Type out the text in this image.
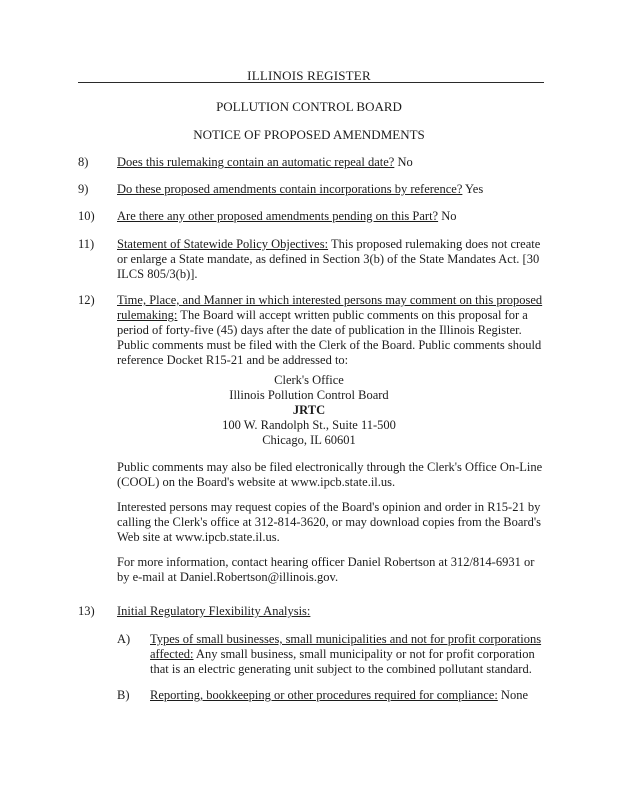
ILLINOIS REGISTER
POLLUTION CONTROL BOARD
NOTICE OF PROPOSED AMENDMENTS
8) Does this rulemaking contain an automatic repeal date? No
9) Do these proposed amendments contain incorporations by reference? Yes
10) Are there any other proposed amendments pending on this Part? No
11) Statement of Statewide Policy Objectives: This proposed rulemaking does not create or enlarge a State mandate, as defined in Section 3(b) of the State Mandates Act. [30 ILCS 805/3(b)].
12) Time, Place, and Manner in which interested persons may comment on this proposed rulemaking: The Board will accept written public comments on this proposal for a period of forty-five (45) days after the date of publication in the Illinois Register. Public comments must be filed with the Clerk of the Board. Public comments should reference Docket R15-21 and be addressed to:
Clerk's Office
Illinois Pollution Control Board
JRTC
100 W. Randolph St., Suite 11-500
Chicago, IL 60601
Public comments may also be filed electronically through the Clerk's Office On-Line (COOL) on the Board's website at www.ipcb.state.il.us.
Interested persons may request copies of the Board's opinion and order in R15-21 by calling the Clerk's office at 312-814-3620, or may download copies from the Board's Web site at www.ipcb.state.il.us.
For more information, contact hearing officer Daniel Robertson at 312/814-6931 or by e-mail at Daniel.Robertson@illinois.gov.
13) Initial Regulatory Flexibility Analysis:
A) Types of small businesses, small municipalities and not for profit corporations affected: Any small business, small municipality or not for profit corporation that is an electric generating unit subject to the combined pollutant standard.
B) Reporting, bookkeeping or other procedures required for compliance: None
